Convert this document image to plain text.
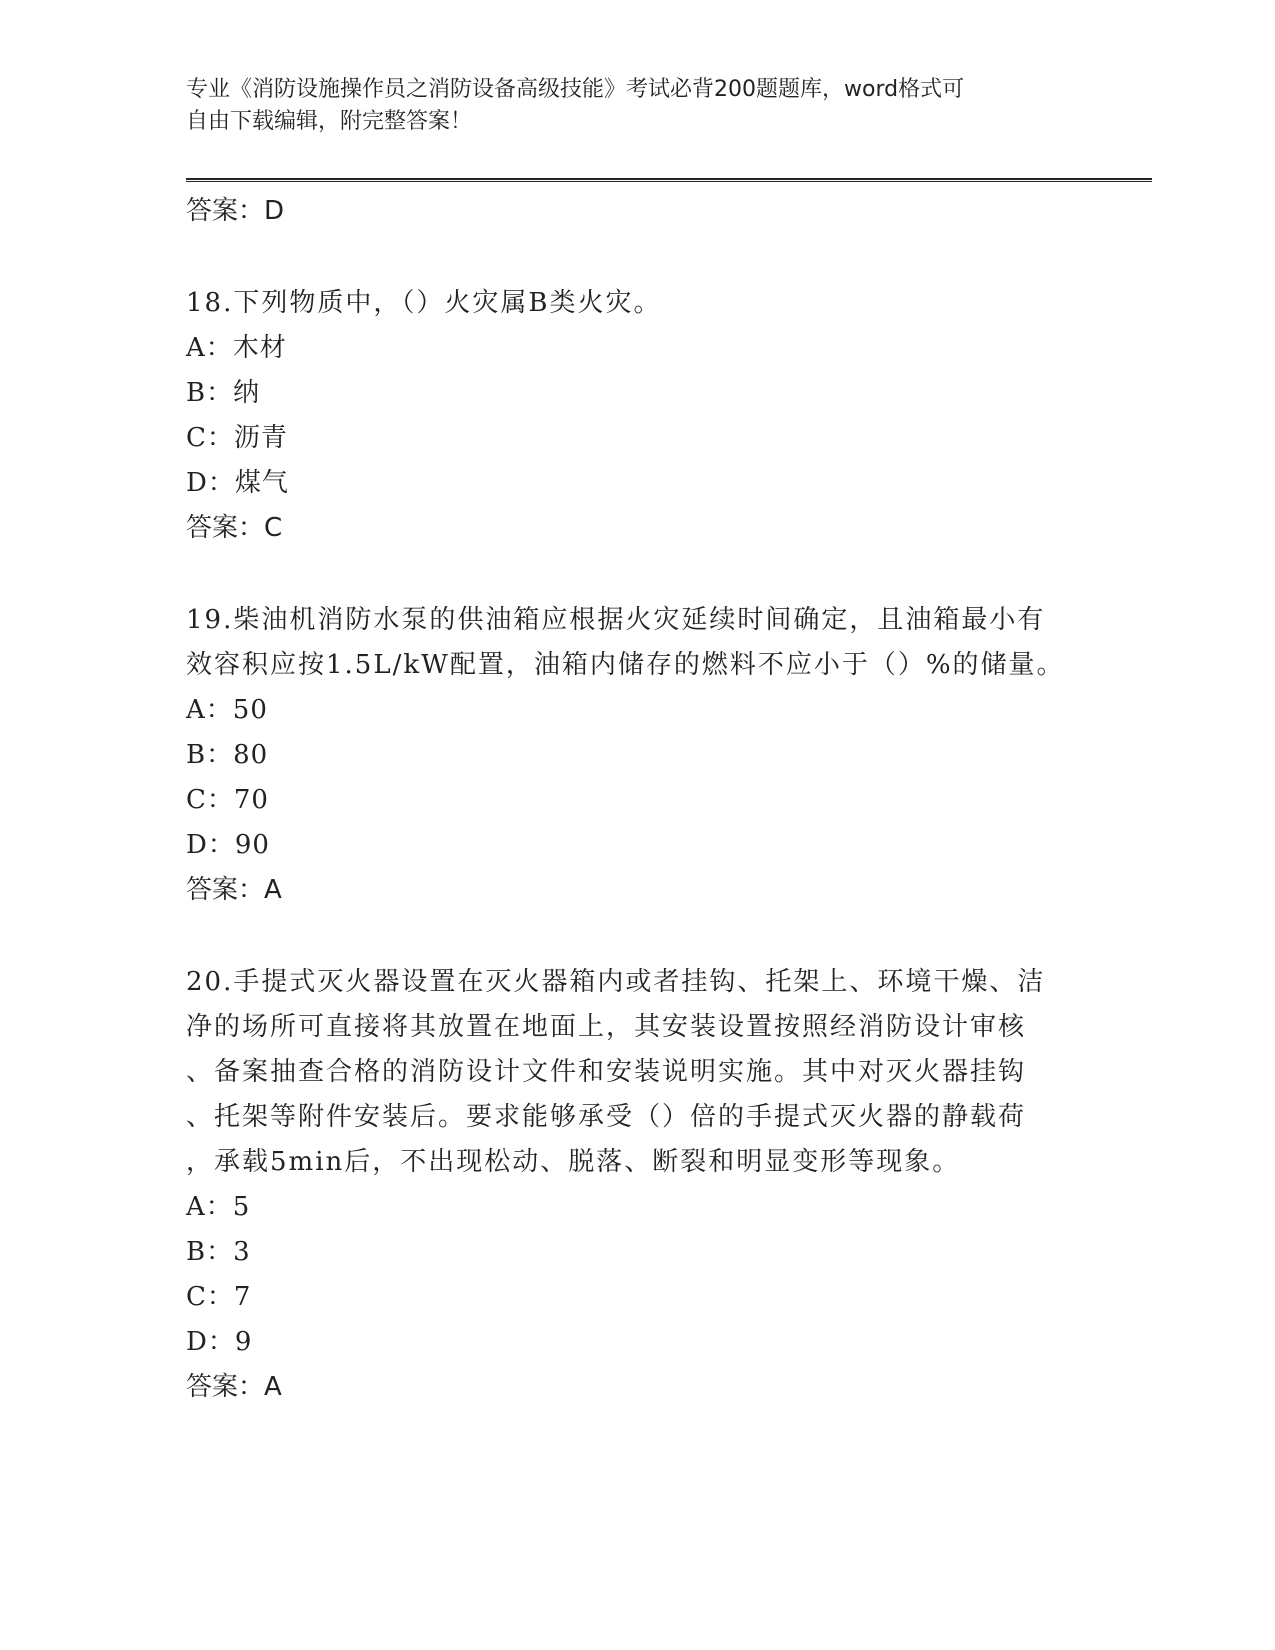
专业《消防设施操作员之消防设备高级技能》考试必背200题题库，word格式可
自由下载编辑，附完整答案！
答案：D
18.下列物质中，（）火灾属B类火灾。
A：木材
B：纳
C：沥青
D：煤气
答案：C
19.柴油机消防水泵的供油箱应根据火灾延续时间确定，且油箱最小有
效容积应按1.5L/kW配置，油箱内储存的燃料不应小于（）%的储量。
A：50
B：80
C：70
D：90
答案：A
20.手提式灭火器设置在灭火器箱内或者挂钩、托架上、环境干燥、洁
净的场所可直接将其放置在地面上，其安装设置按照经消防设计审核
、备案抽查合格的消防设计文件和安装说明实施。其中对灭火器挂钩
、托架等附件安装后。要求能够承受（）倍的手提式灭火器的静载荷
，承载5min后，不出现松动、脱落、断裂和明显变形等现象。
A：5
B：3
C：7
D：9
答案：A
